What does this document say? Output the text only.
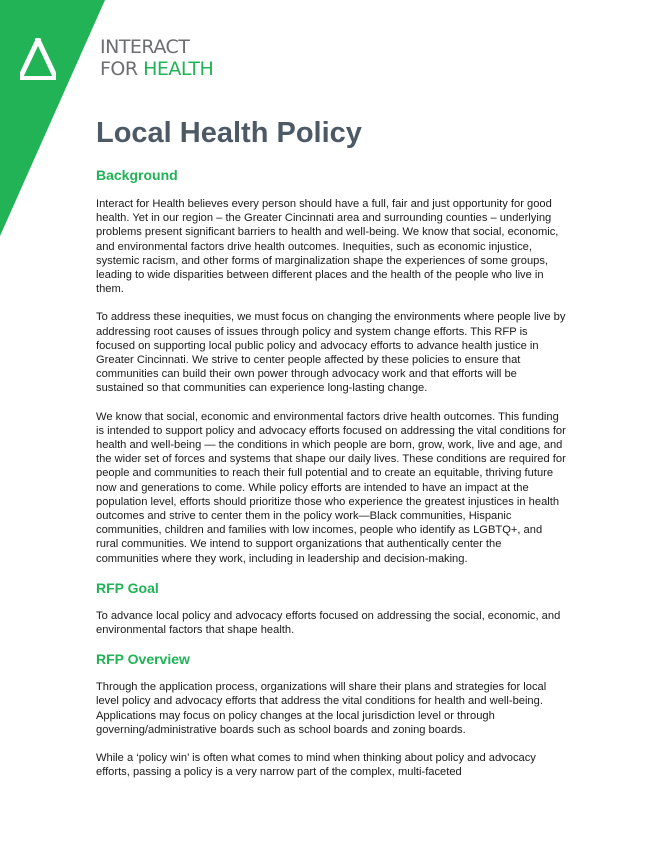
INTERACT
FOR HEALTH
Local Health Policy
Background

Interact for Health believes every person should have a full, fair and just opportunity for good health. Yet in our region – the Greater Cincinnati area and surrounding counties – underlying problems present significant barriers to health and well-being. We know that social, economic, and environmental factors drive health outcomes. Inequities, such as economic injustice, systemic racism, and other forms of marginalization shape the experiences of some groups, leading to wide disparities between different places and the health of the people who live in them.

To address these inequities, we must focus on changing the environments where people live by addressing root causes of issues through policy and system change efforts. This RFP is focused on supporting local public policy and advocacy efforts to advance health justice in Greater Cincinnati. We strive to center people affected by these policies to ensure that communities can build their own power through advocacy work and that efforts will be sustained so that communities can experience long-lasting change.

We know that social, economic and environmental factors drive health outcomes. This funding is intended to support policy and advocacy efforts focused on addressing the vital conditions for health and well-being — the conditions in which people are born, grow, work, live and age, and the wider set of forces and systems that shape our daily lives. These conditions are required for people and communities to reach their full potential and to create an equitable, thriving future now and generations to come. While policy efforts are intended to have an impact at the population level, efforts should prioritize those who experience the greatest injustices in health outcomes and strive to center them in the policy work—Black communities, Hispanic communities, children and families with low incomes, people who identify as LGBTQ+, and rural communities. We intend to support organizations that authentically center the communities where they work, including in leadership and decision-making.

RFP Goal

To advance local policy and advocacy efforts focused on addressing the social, economic, and environmental factors that shape health.

RFP Overview

Through the application process, organizations will share their plans and strategies for local level policy and advocacy efforts that address the vital conditions for health and well-being. Applications may focus on policy changes at the local jurisdiction level or through governing/administrative boards such as school boards and zoning boards.

While a ‘policy win’ is often what comes to mind when thinking about policy and advocacy efforts, passing a policy is a very narrow part of the complex, multi-faceted
